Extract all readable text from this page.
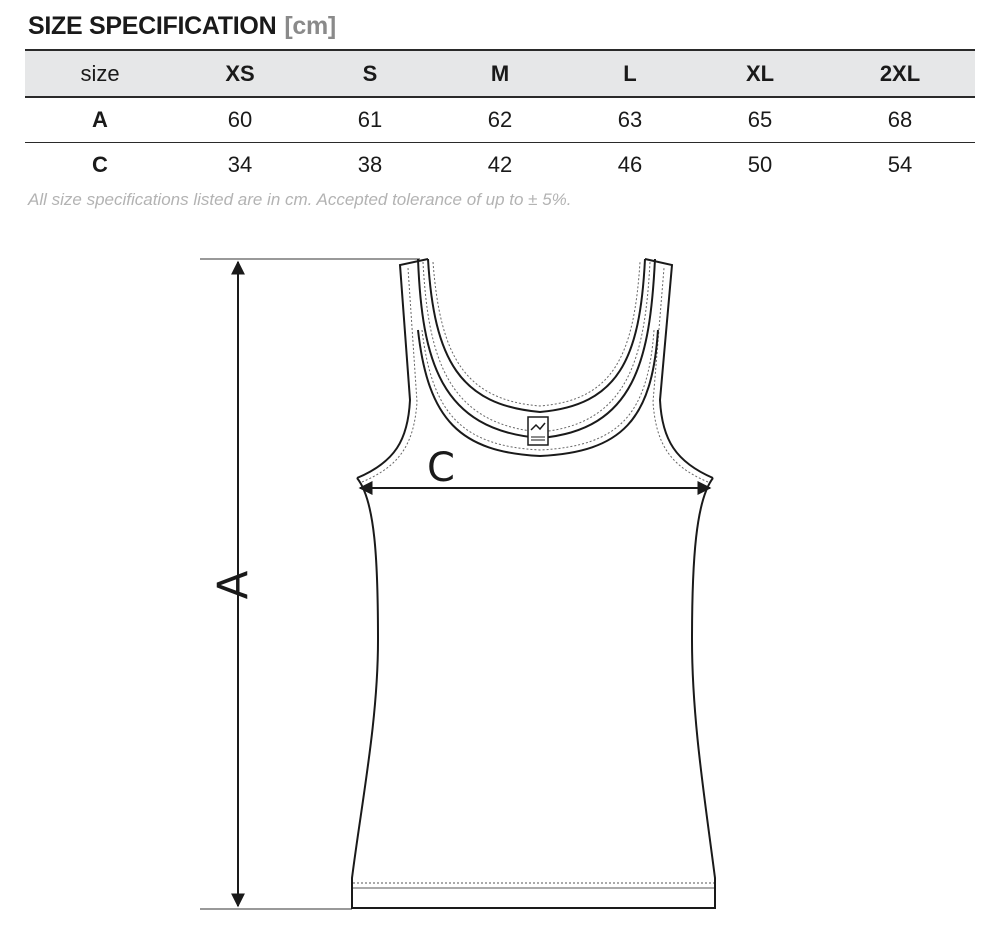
SIZE SPECIFICATION [cm]
size	XS	S	M	L	XL	2XL
A	60	61	62	63	65	68
C	34	38	42	46	50	54
All size specifications listed are in cm. Accepted tolerance of up to ± 5%.
A
C
